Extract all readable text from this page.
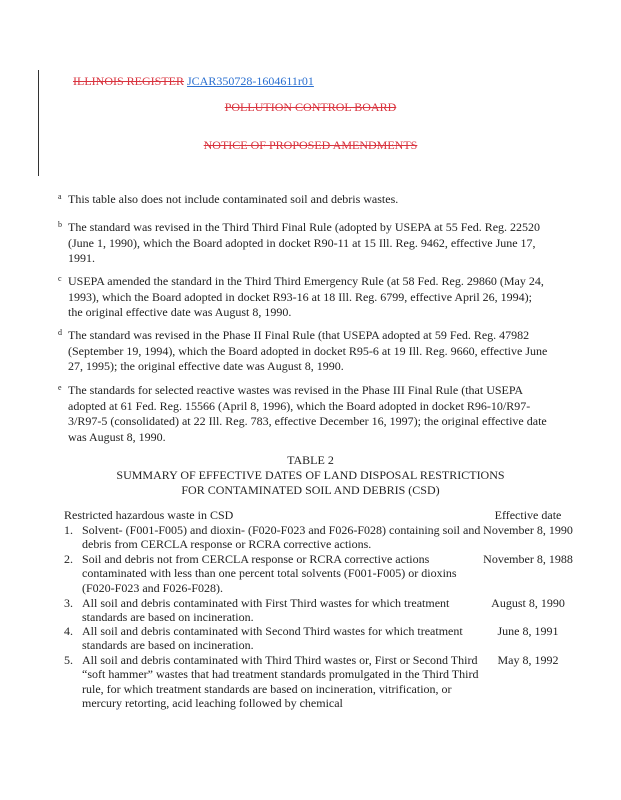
ILLINOIS REGISTER JCAR350728-1604611r01
POLLUTION CONTROL BOARD
NOTICE OF PROPOSED AMENDMENTS
a This table also does not include contaminated soil and debris wastes.
b The standard was revised in the Third Third Final Rule (adopted by USEPA at 55 Fed. Reg. 22520 (June 1, 1990), which the Board adopted in docket R90-11 at 15 Ill. Reg. 9462, effective June 17, 1991.
c USEPA amended the standard in the Third Third Emergency Rule (at 58 Fed. Reg. 29860 (May 24, 1993), which the Board adopted in docket R93-16 at 18 Ill. Reg. 6799, effective April 26, 1994); the original effective date was August 8, 1990.
d The standard was revised in the Phase II Final Rule (that USEPA adopted at 59 Fed. Reg. 47982 (September 19, 1994), which the Board adopted in docket R95-6 at 19 Ill. Reg. 9660, effective June 27, 1995); the original effective date was August 8, 1990.
e The standards for selected reactive wastes was revised in the Phase III Final Rule (that USEPA adopted at 61 Fed. Reg. 15566 (April 8, 1996), which the Board adopted in docket R96-10/R97-3/R97-5 (consolidated) at 22 Ill. Reg. 783, effective December 16, 1997); the original effective date was August 8, 1990.
TABLE 2
SUMMARY OF EFFECTIVE DATES OF LAND DISPOSAL RESTRICTIONS
FOR CONTAMINATED SOIL AND DEBRIS (CSD)
Restricted hazardous waste in CSD	Effective date
1. Solvent- (F001-F005) and dioxin- (F020-F023 and F026-F028) containing soil and debris from CERCLA response or RCRA corrective actions.
November 8, 1990
2. Soil and debris not from CERCLA response or RCRA corrective actions contaminated with less than one percent total solvents (F001-F005) or dioxins (F020-F023 and F026-F028).
November 8, 1988
3. All soil and debris contaminated with First Third wastes for which treatment standards are based on incineration.
August 8, 1990
4. All soil and debris contaminated with Second Third wastes for which treatment standards are based on incineration.
June 8, 1991
5. All soil and debris contaminated with Third Third wastes or, First or Second Third “soft hammer” wastes that had treatment standards promulgated in the Third Third rule, for which treatment standards are based on incineration, vitrification, or mercury retorting, acid leaching followed by chemical
May 8, 1992
